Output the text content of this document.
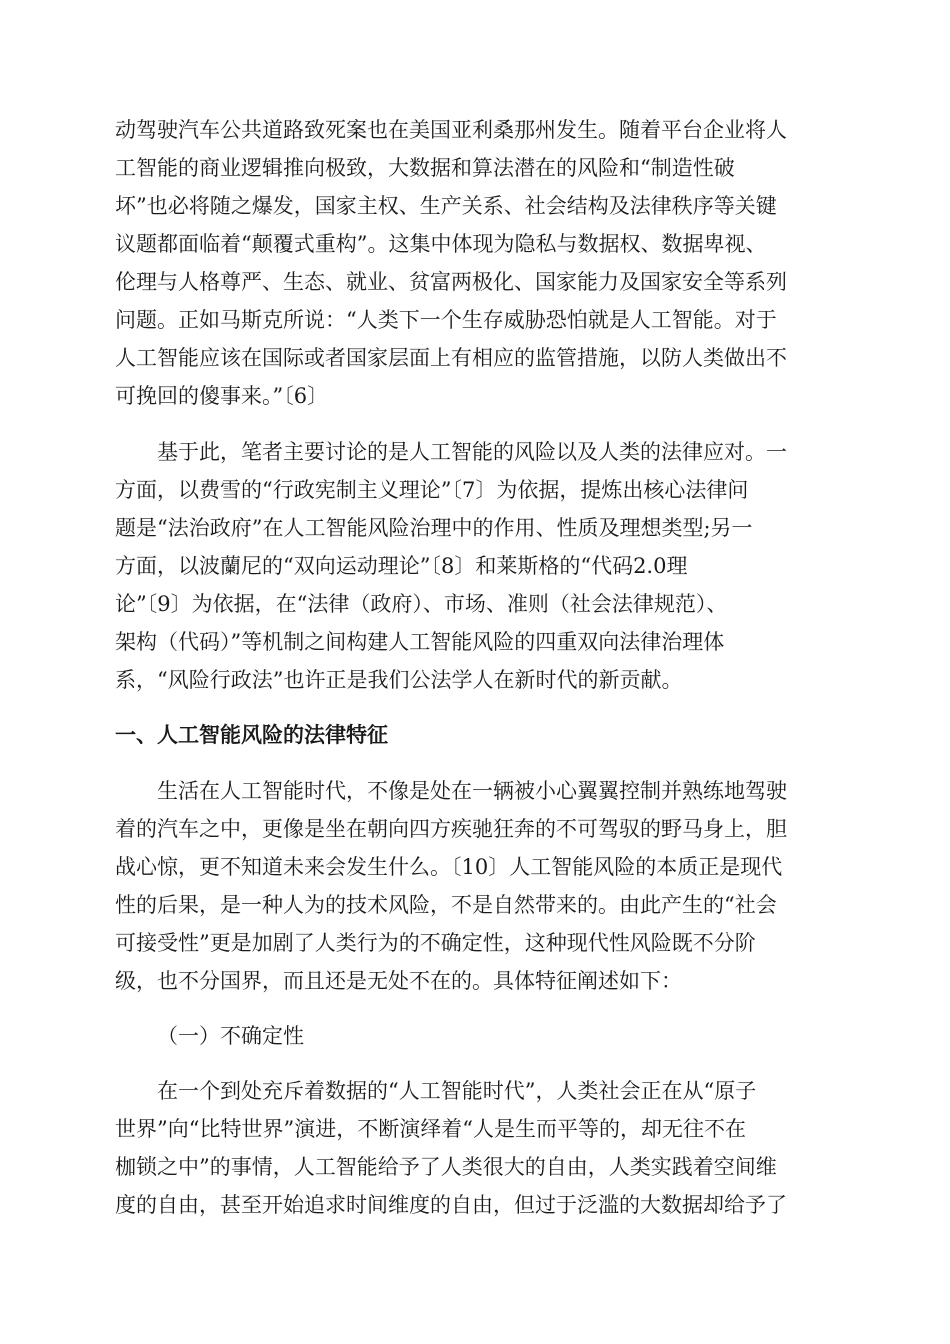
动驾驶汽车公共道路致死案也在美国亚利桑那州发生。随着平台企业将人
工智能的商业逻辑推向极致，大数据和算法潜在的风险和“制造性破
坏”也必将随之爆发，国家主权、生产关系、社会结构及法律秩序等关键
议题都面临着“颠覆式重构”。这集中体现为隐私与数据权、数据卑视、
伦理与人格尊严、生态、就业、贫富两极化、国家能力及国家安全等系列
问题。正如马斯克所说：“人类下一个生存威胁恐怕就是人工智能。对于
人工智能应该在国际或者国家层面上有相应的监管措施，以防人类做出不
可挽回的傻事来。”〔6〕
基于此，笔者主要讨论的是人工智能的风险以及人类的法律应对。一
方面，以费雪的“行政宪制主义理论”〔7〕为依据，提炼出核心法律问
题是“法治政府”在人工智能风险治理中的作用、性质及理想类型;另一
方面，以波蘭尼的“双向运动理论”〔8〕和莱斯格的“代码2.0理
论”〔9〕为依据，在“法律（政府）、市场、准则（社会法律规范）、
架构（代码）”等机制之间构建人工智能风险的四重双向法律治理体
系，“风险行政法”也许正是我们公法学人在新时代的新贡献。
一、人工智能风险的法律特征
生活在人工智能时代，不像是处在一辆被小心翼翼控制并熟练地驾驶
着的汽车之中，更像是坐在朝向四方疾驰狂奔的不可驾驭的野马身上，胆
战心惊，更不知道未来会发生什么。〔10〕人工智能风险的本质正是现代
性的后果，是一种人为的技术风险，不是自然带来的。由此产生的“社会
可接受性”更是加剧了人类行为的不确定性，这种现代性风险既不分阶
级，也不分国界，而且还是无处不在的。具体特征阐述如下：
（一）不确定性
在一个到处充斥着数据的“人工智能时代”，人类社会正在从“原子
世界”向“比特世界”演进，不断演绎着“人是生而平等的，却无往不在
枷锁之中”的事情，人工智能给予了人类很大的自由，人类实践着空间维
度的自由，甚至开始追求时间维度的自由，但过于泛滥的大数据却给予了
